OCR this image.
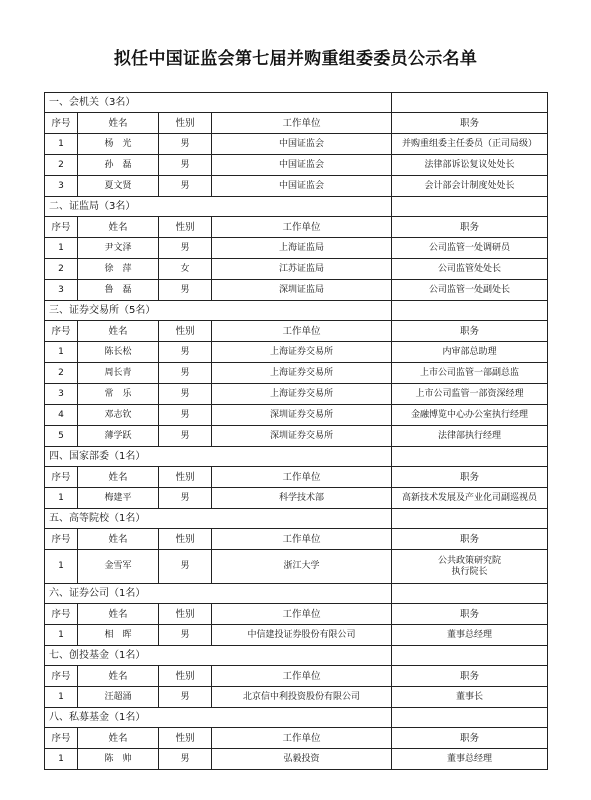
拟任中国证监会第七届并购重组委委员公示名单
一、会机关（3名）				
序号	姓名	性别	工作单位	职务
1	杨　光	男	中国证监会	并购重组委主任委员（正司局级）

2	孙　磊	男	中国证监会	法律部诉讼复议处处长

3	夏文贤	男	中国证监会	会计部会计制度处处长

二、证监局（3名）				
序号	姓名	性别	工作单位	职务
1	尹文泽	男	上海证监局	公司监管一处调研员

2	徐　萍	女	江苏证监局	公司监管处处长

3	鲁　磊	男	深圳证监局	公司监管一处副处长

三、证券交易所（5名）				
序号	姓名	性别	工作单位	职务
1	陈长松	男	上海证券交易所	内审部总助理

2	周长青	男	上海证券交易所	上市公司监管一部副总监

3	常　乐	男	上海证券交易所	上市公司监管一部资深经理

4	邓志钦	男	深圳证券交易所	金融博览中心办公室执行经理

5	薄学跃	男	深圳证券交易所	法律部执行经理

四、国家部委（1名）				
序号	姓名	性别	工作单位	职务
1	梅建平	男	科学技术部	高新技术发展及产业化司副巡视员

五、高等院校（1名）				
序号	姓名	性别	工作单位	职务
1	金雪军	男	浙江大学	公共政策研究院
执行院长

六、证券公司（1名）				
序号	姓名	性别	工作单位	职务
1	相　晖	男	中信建投证券股份有限公司	董事总经理

七、创投基金（1名）				
序号	姓名	性别	工作单位	职务
1	汪超涌	男	北京信中利投资股份有限公司	董事长

八、私募基金（1名）				
序号	姓名	性别	工作单位	职务
1	陈　帅	男	弘毅投资	董事总经理
